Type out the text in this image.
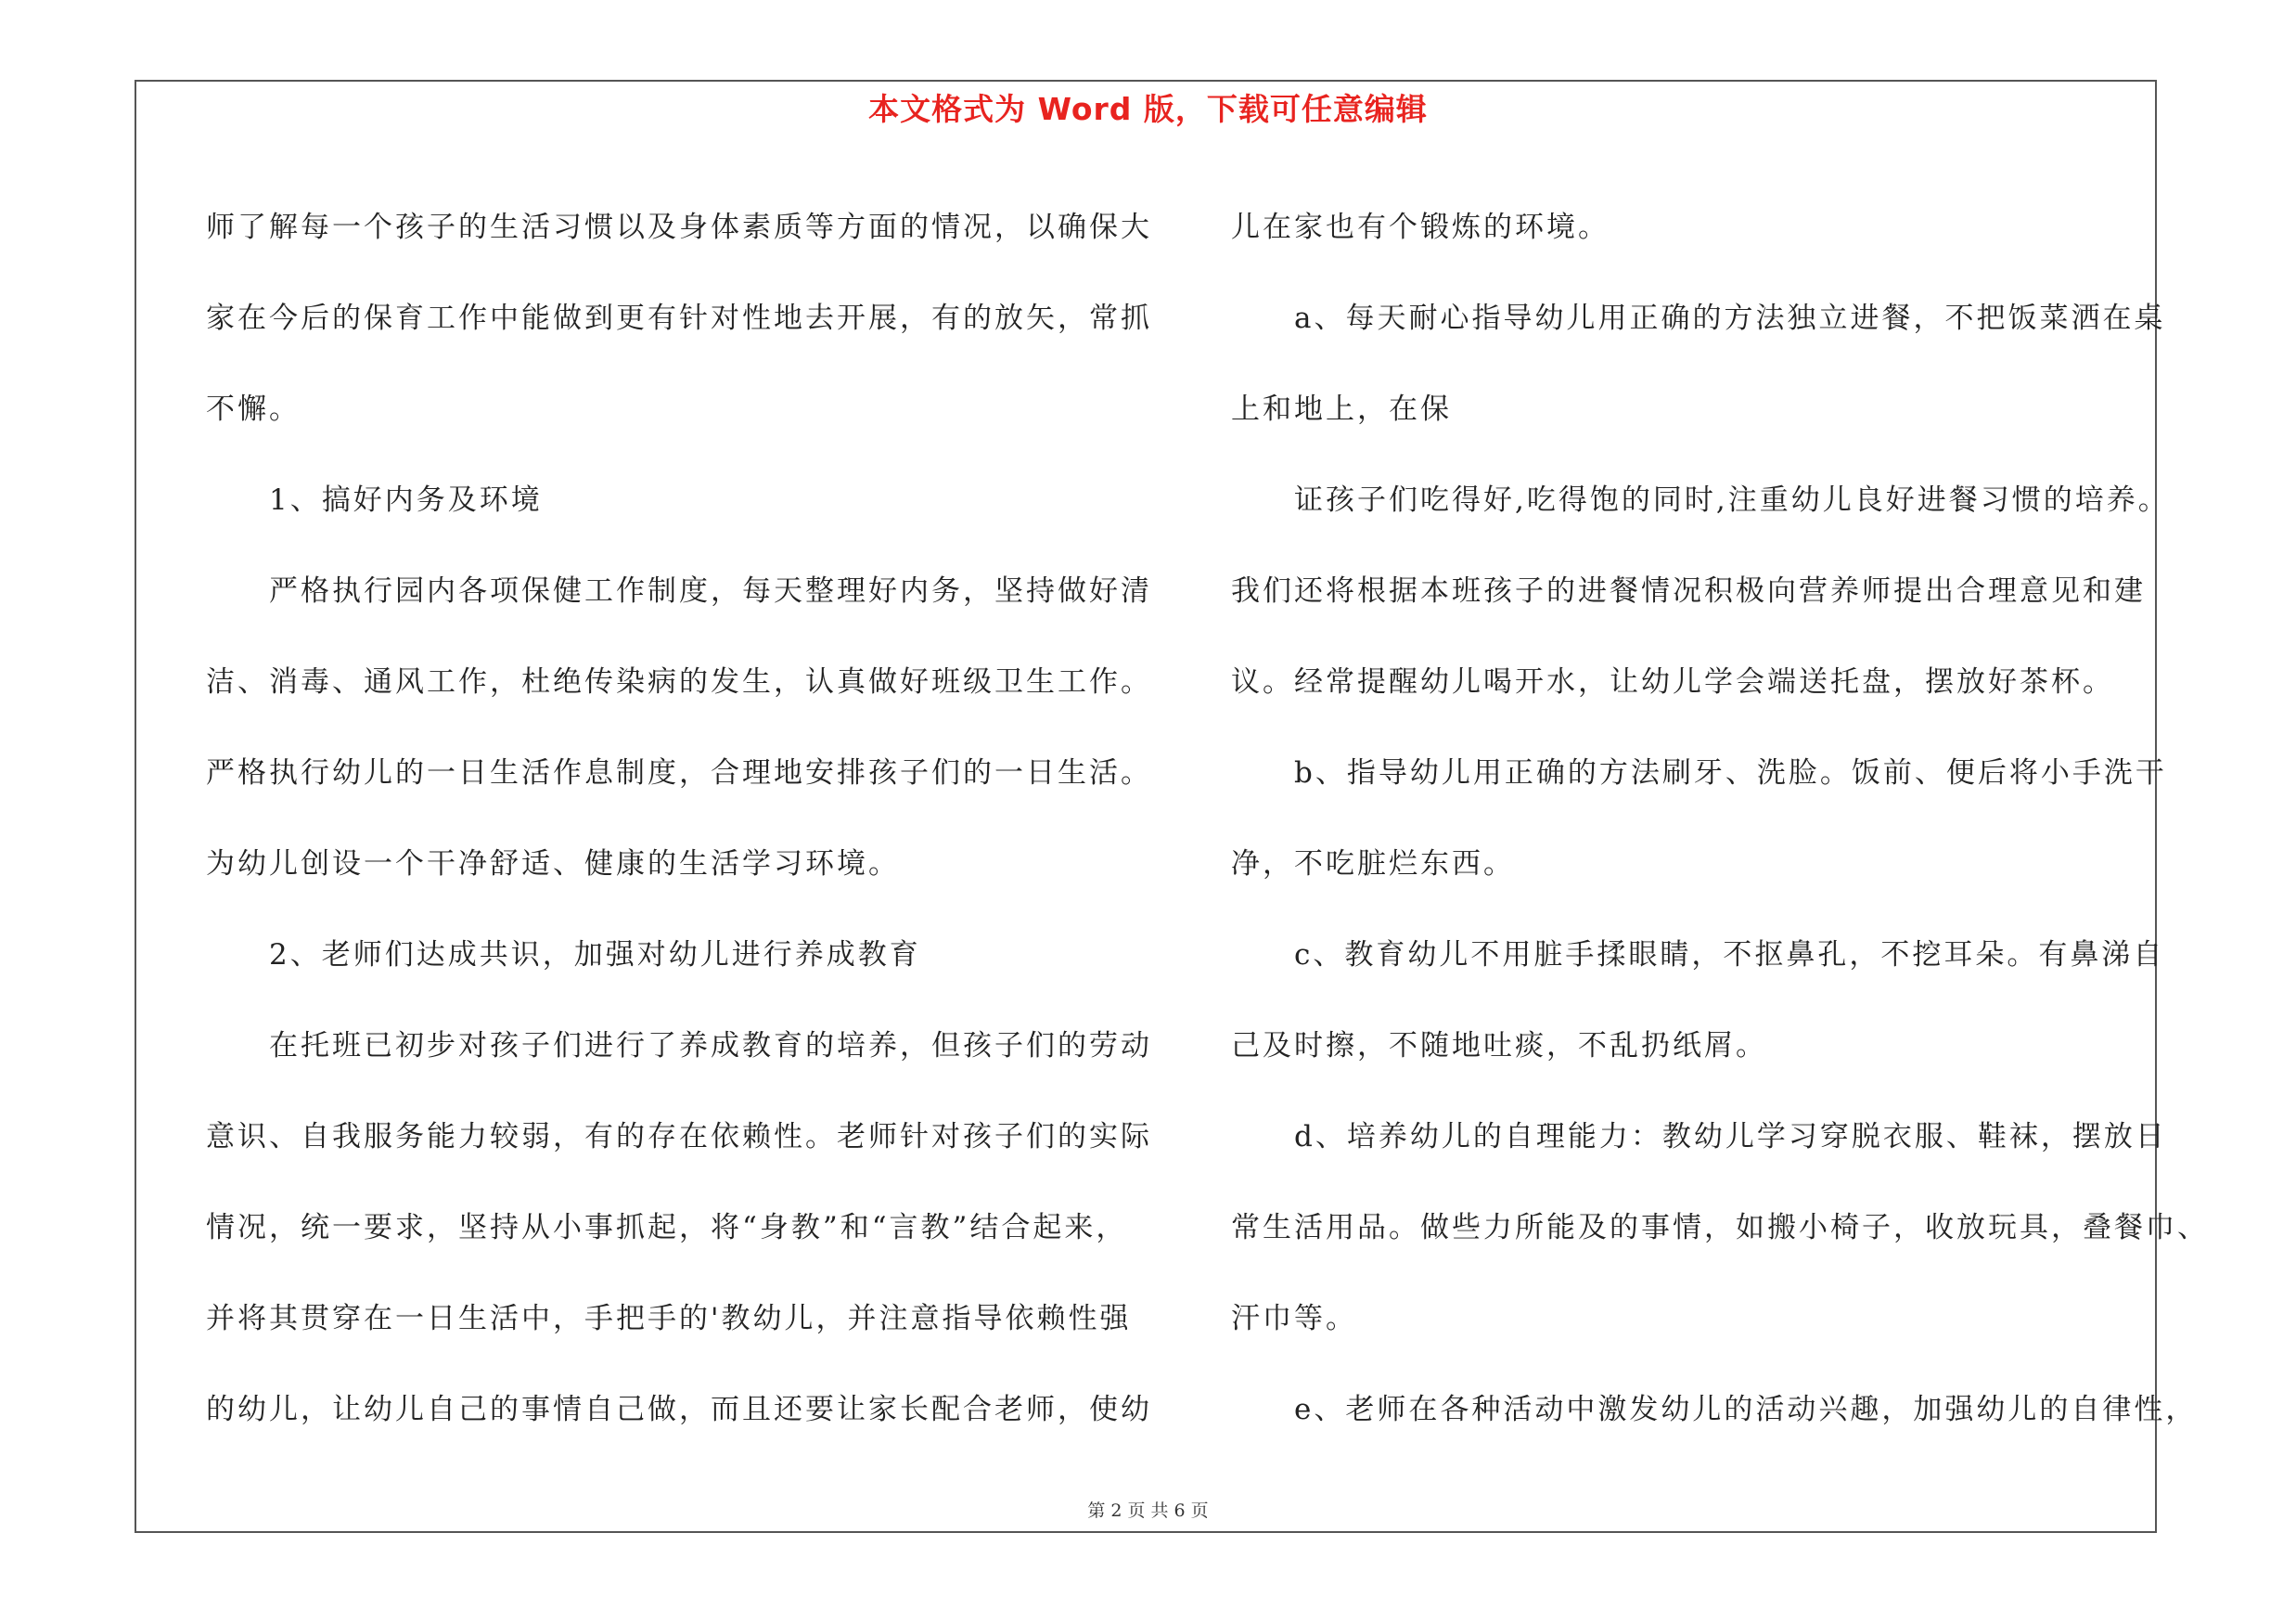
本文格式为 Word 版，下载可任意编辑
师了解每一个孩子的生活习惯以及身体素质等方面的情况，以确保大
家在今后的保育工作中能做到更有针对性地去开展，有的放矢，常抓
不懈。
1、搞好内务及环境
严格执行园内各项保健工作制度，每天整理好内务，坚持做好清
洁、消毒、通风工作，杜绝传染病的发生，认真做好班级卫生工作。
严格执行幼儿的一日生活作息制度，合理地安排孩子们的一日生活。
为幼儿创设一个干净舒适、健康的生活学习环境。
2、老师们达成共识，加强对幼儿进行养成教育
在托班已初步对孩子们进行了养成教育的培养，但孩子们的劳动
意识、自我服务能力较弱，有的存在依赖性。老师针对孩子们的实际
情况，统一要求，坚持从小事抓起，将“身教”和“言教”结合起来，
并将其贯穿在一日生活中，手把手的'教幼儿，并注意指导依赖性强
的幼儿，让幼儿自己的事情自己做，而且还要让家长配合老师，使幼
儿在家也有个锻炼的环境。
a、每天耐心指导幼儿用正确的方法独立进餐，不把饭菜洒在桌
上和地上，在保
证孩子们吃得好,吃得饱的同时,注重幼儿良好进餐习惯的培养。
我们还将根据本班孩子的进餐情况积极向营养师提出合理意见和建
议。经常提醒幼儿喝开水，让幼儿学会端送托盘，摆放好茶杯。
b、指导幼儿用正确的方法刷牙、洗脸。饭前、便后将小手洗干
净，不吃脏烂东西。
c、教育幼儿不用脏手揉眼睛，不抠鼻孔，不挖耳朵。有鼻涕自
己及时擦，不随地吐痰，不乱扔纸屑。
d、培养幼儿的自理能力：教幼儿学习穿脱衣服、鞋袜，摆放日
常生活用品。做些力所能及的事情，如搬小椅子，收放玩具，叠餐巾、
汗巾等。
e、老师在各种活动中激发幼儿的活动兴趣，加强幼儿的自律性，
第 2 页 共 6 页
